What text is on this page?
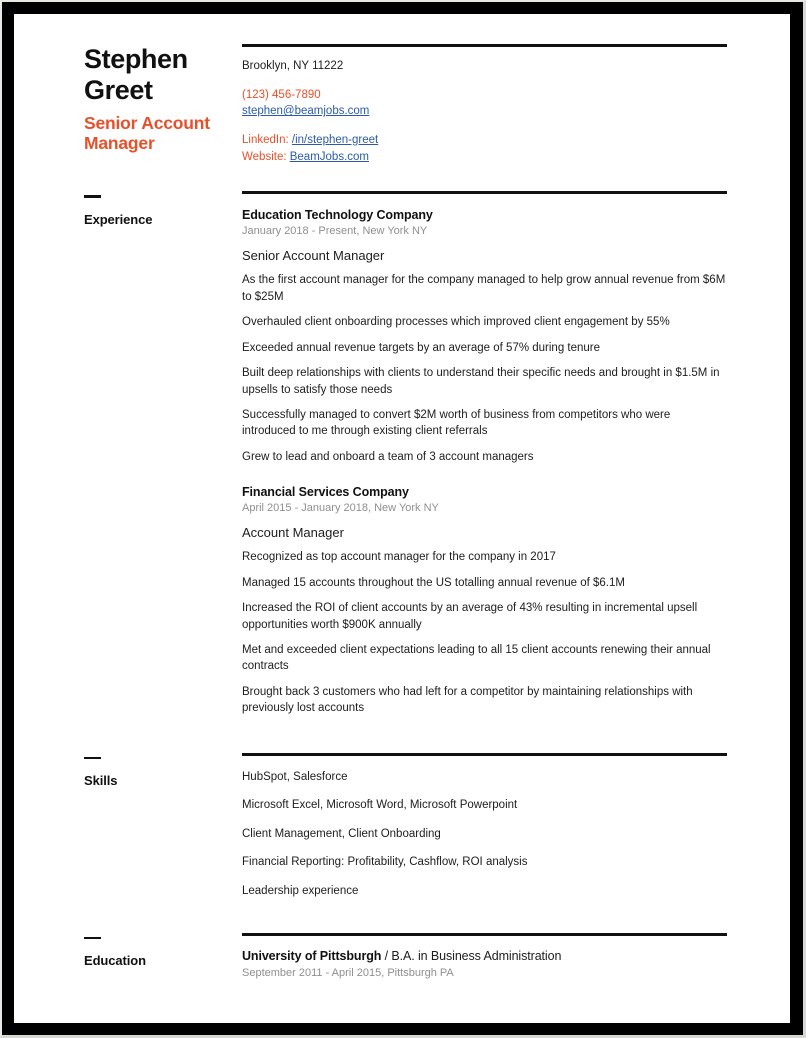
Stephen
Greet
Senior Account Manager
Brooklyn, NY 11222
(123) 456-7890
stephen@beamjobs.com
LinkedIn: /in/stephen-greet
Website: BeamJobs.com
Experience	Education Technology Company
January 2018 - Present, New York NY
Senior Account Manager
As the first account manager for the company managed to help grow annual revenue from $6M to $25M
Overhauled client onboarding processes which improved client engagement by 55%
Exceeded annual revenue targets by an average of 57% during tenure
Built deep relationships with clients to understand their specific needs and brought in $1.5M in upsells to satisfy those needs
Successfully managed to convert $2M worth of business from competitors who were introduced to me through existing client referrals
Grew to lead and onboard a team of 3 account managers
Financial Services Company
April 2015 - January 2018, New York NY
Account Manager
Recognized as top account manager for the company in 2017
Managed 15 accounts throughout the US totalling annual revenue of $6.1M
Increased the ROI of client accounts by an average of 43% resulting in incremental upsell opportunities worth $900K annually
Met and exceeded client expectations leading to all 15 client accounts renewing their annual contracts
Brought back 3 customers who had left for a competitor by maintaining relationships with previously lost accounts
Skills	HubSpot, Salesforce
Microsoft Excel, Microsoft Word, Microsoft Powerpoint
Client Management, Client Onboarding
Financial Reporting: Profitability, Cashflow, ROI analysis
Leadership experience
Education	University of Pittsburgh / B.A. in Business Administration
September 2011 - April 2015, Pittsburgh PA
